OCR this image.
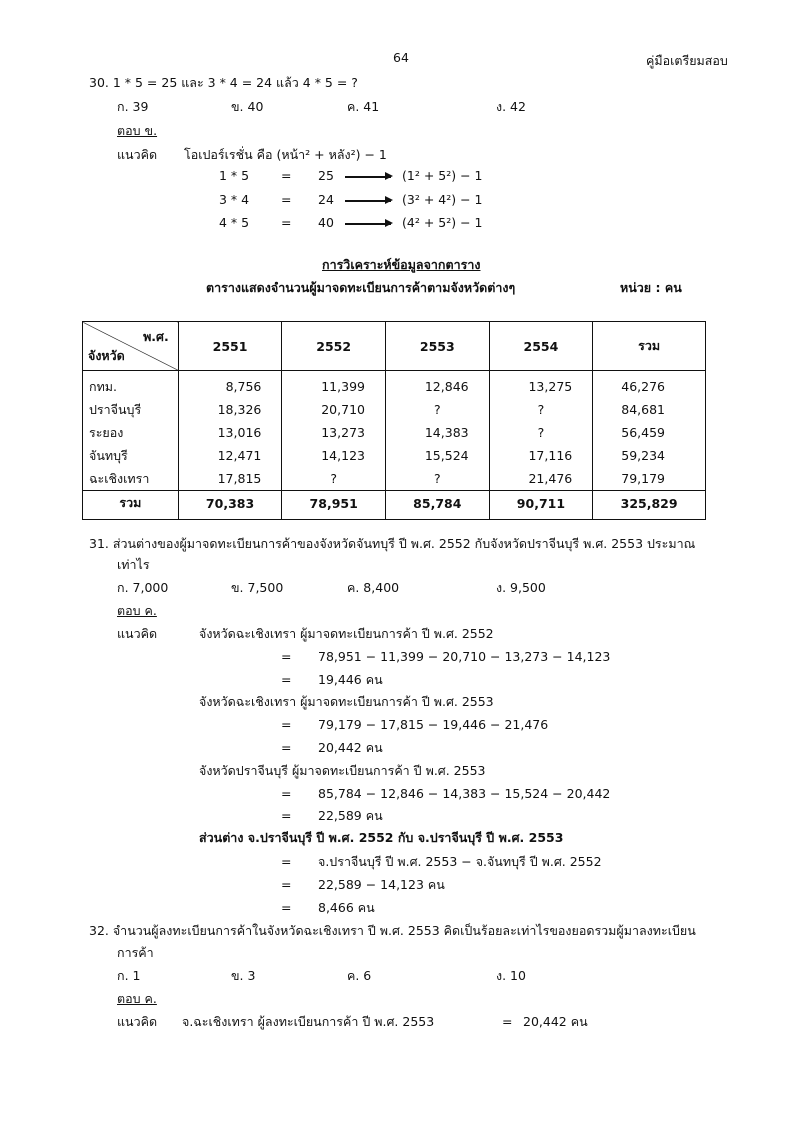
64	คู่มือเตรียมสอบ
30. 1 * 5 = 25 และ 3 * 4 = 24 แล้ว 4 * 5 = ?
ก. 39	ข. 40	ค. 41	ง. 42
ตอบ ข.
แนวคิด โอเปอร์เรชั่น คือ (หน้า² + หลัง²) − 1
1 * 5	= 25	(1² + 5²) − 1
3 * 4	= 24	(3² + 4²) − 1
4 * 5	= 40	(4² + 5²) − 1
การวิเคราะห์ข้อมูลจากตาราง
ตารางแสดงจำนวนผู้มาจดทะเบียนการค้าตามจังหวัดต่างๆ	หน่วย : คน
พ.ศ.
จังหวัด	2551	2552	2553	2554	รวม
กทม.	8,756	11,399	12,846	13,275	46,276
ปราจีนบุรี	18,326	20,710	?	?	84,681
ระยอง	13,016	13,273	14,383	?	56,459
จันทบุรี	12,471	14,123	15,524	17,116	59,234
ฉะเชิงเทรา	17,815	?	?	21,476	79,179
รวม	70,383	78,951	85,784	90,711	325,829
31. ส่วนต่างของผู้มาจดทะเบียนการค้าของจังหวัดจันทบุรี ปี พ.ศ. 2552 กับจังหวัดปราจีนบุรี พ.ศ. 2553 ประมาณ
เท่าไร
ก. 7,000	ข. 7,500	ค. 8,400	ง. 9,500
ตอบ ค.
แนวคิด	จังหวัดฉะเชิงเทรา ผู้มาจดทะเบียนการค้า ปี พ.ศ. 2552
= 78,951 − 11,399 − 20,710 − 13,273 − 14,123
= 19,446 คน
จังหวัดฉะเชิงเทรา ผู้มาจดทะเบียนการค้า ปี พ.ศ. 2553
= 79,179 − 17,815 − 19,446 − 21,476
= 20,442 คน
จังหวัดปราจีนบุรี ผู้มาจดทะเบียนการค้า ปี พ.ศ. 2553
= 85,784 − 12,846 − 14,383 − 15,524 − 20,442
= 22,589 คน
ส่วนต่าง จ.ปราจีนบุรี ปี พ.ศ. 2552 กับ จ.ปราจีนบุรี ปี พ.ศ. 2553
= จ.ปราจีนบุรี ปี พ.ศ. 2553 − จ.จันทบุรี ปี พ.ศ. 2552
= 22,589 − 14,123 คน
= 8,466 คน
32. จำนวนผู้ลงทะเบียนการค้าในจังหวัดฉะเชิงเทรา ปี พ.ศ. 2553 คิดเป็นร้อยละเท่าไรของยอดรวมผู้มาลงทะเบียน
การค้า
ก. 1	ข. 3	ค. 6	ง. 10
ตอบ ค.
แนวคิด จ.ฉะเชิงเทรา ผู้ลงทะเบียนการค้า ปี พ.ศ. 2553	= 20,442 คน
